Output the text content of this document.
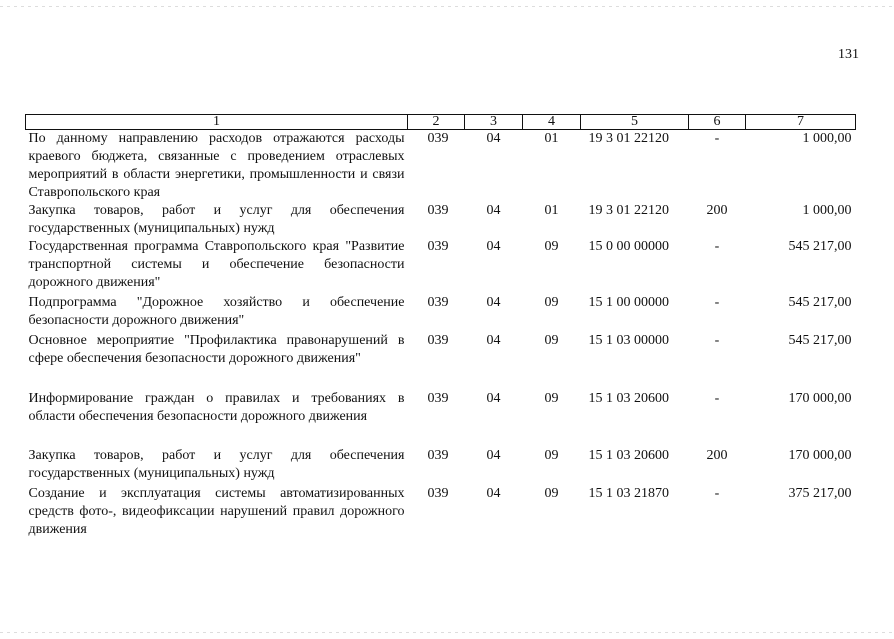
131
1	2	3	4	5	6	7
По данному направлению расходов отражаются расходы краевого бюджета, связанные с проведением отраслевых мероприятий в области энергетики, промышленности и связи Ставропольского края	039	04	01	19 3 01 22120	-	1 000,00
Закупка товаров, работ и услуг для обеспечения государственных (муниципальных) нужд	039	04	01	19 3 01 22120	200	1 000,00
Государственная программа Ставропольского края "Развитие транспортной системы и обеспечение безопасности дорожного движения"	039	04	09	15 0 00 00000	-	545 217,00
Подпрограмма "Дорожное хозяйство и обеспечение безопасности дорожного движения"	039	04	09	15 1 00 00000	-	545 217,00
Основное мероприятие "Профилактика правонарушений в сфере обеспечения безопасности дорожного движения"	039	04	09	15 1 03 00000	-	545 217,00
Информирование граждан о правилах и требованиях в области обеспечения безопасности дорожного движения	039	04	09	15 1 03 20600	-	170 000,00
Закупка товаров, работ и услуг для обеспечения государственных (муниципальных) нужд	039	04	09	15 1 03 20600	200	170 000,00
Создание и эксплуатация системы автоматизированных средств фото-, видеофиксации нарушений правил дорожного движения	039	04	09	15 1 03 21870	-	375 217,00
